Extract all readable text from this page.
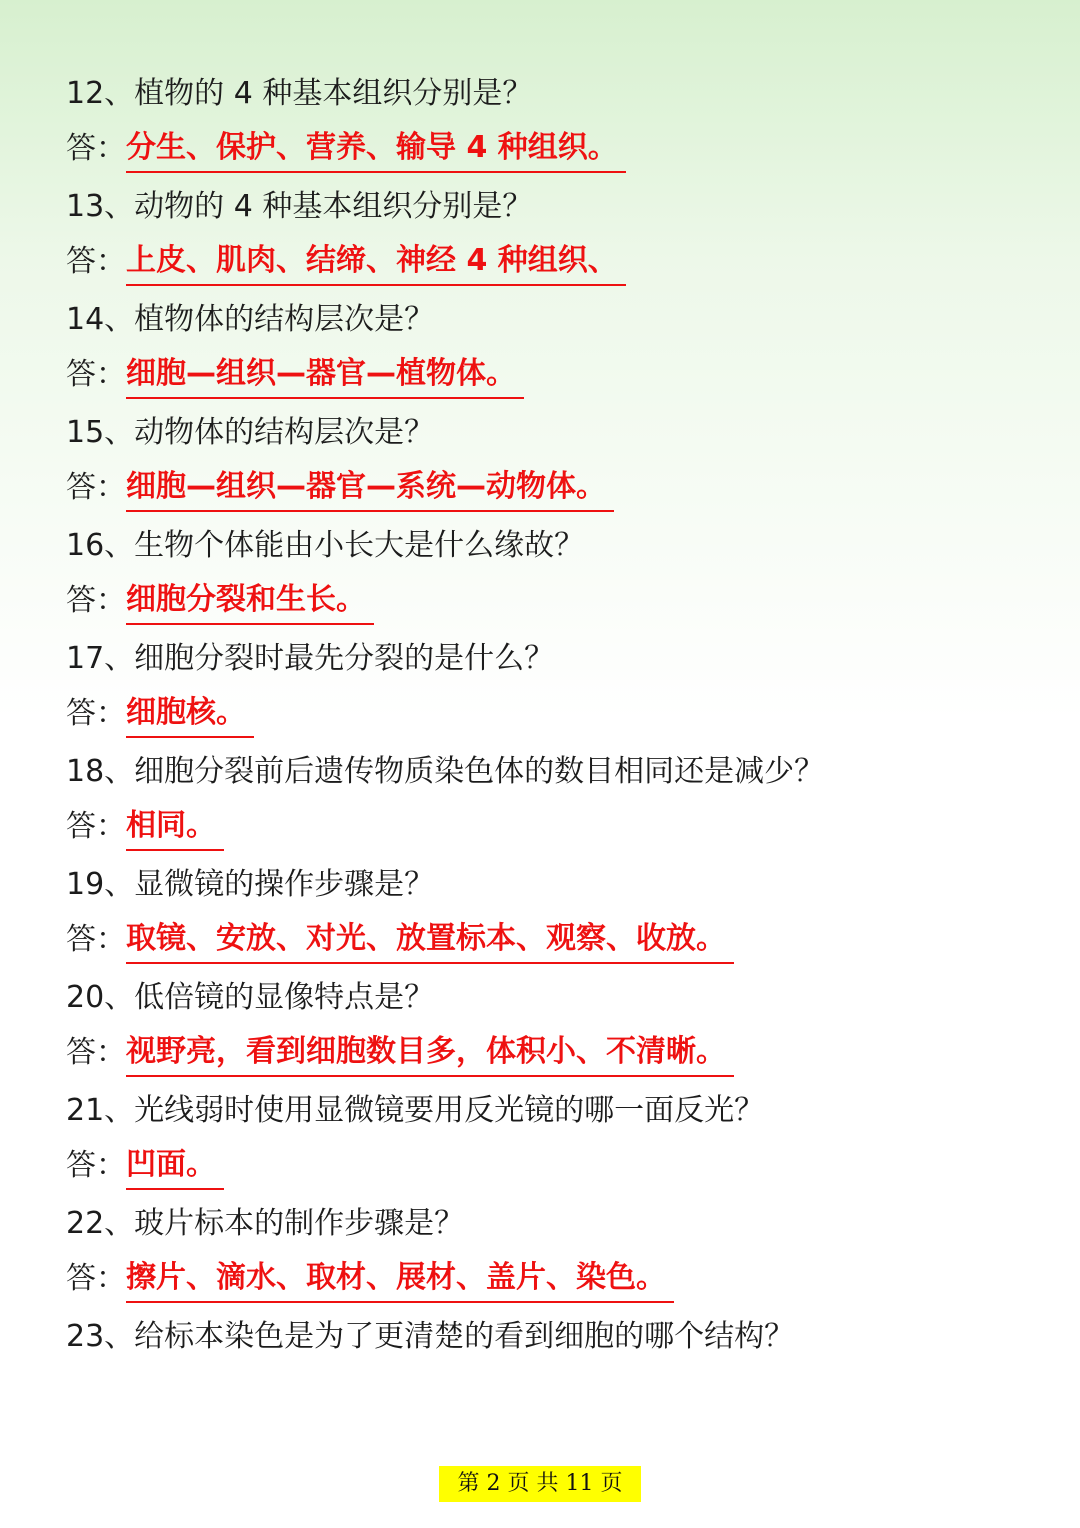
12、植物的 4 种基本组织分别是？
答：分生、保护、营养、输导 4 种组织。
13、动物的 4 种基本组织分别是？
答：上皮、肌肉、结缔、神经 4 种组织、
14、植物体的结构层次是？
答：细胞—组织—器官—植物体。
15、动物体的结构层次是？
答：细胞—组织—器官—系统—动物体。
16、生物个体能由小长大是什么缘故？
答：细胞分裂和生长。
17、细胞分裂时最先分裂的是什么？
答：细胞核。
18、细胞分裂前后遗传物质染色体的数目相同还是减少？
答：相同。
19、显微镜的操作步骤是？
答：取镜、安放、对光、放置标本、观察、收放。
20、低倍镜的显像特点是？
答：视野亮，看到细胞数目多，体积小、不清晰。
21、光线弱时使用显微镜要用反光镜的哪一面反光？
答：凹面。
22、玻片标本的制作步骤是？
答：擦片、滴水、取材、展材、盖片、染色。
23、给标本染色是为了更清楚的看到细胞的哪个结构？
第 2 页 共 11 页
